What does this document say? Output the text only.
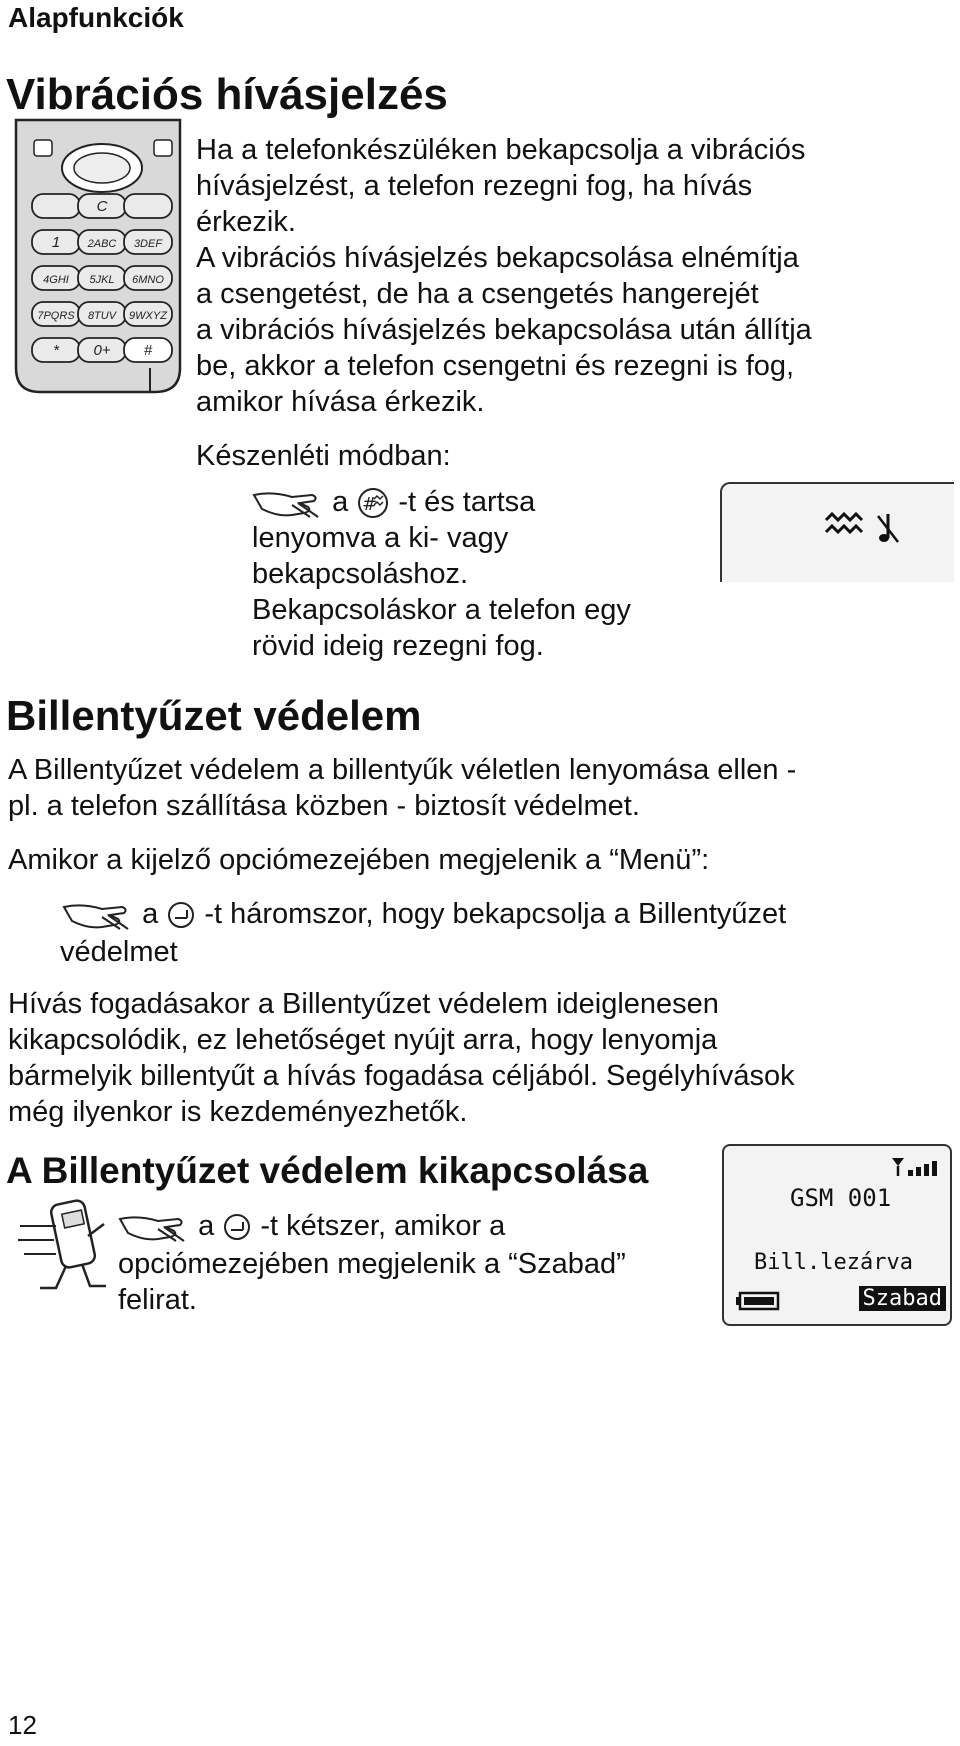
Alapfunkciók
Vibrációs hívásjelzés
C
1 2ABC 3DEF
4GHI 5JKL 6MNO
7PQRS 8TUV 9WXYZ
* 0+ #
Ha a telefonkészüléken bekapcsolja a vibrációs
hívásjelzést, a telefon rezegni fog, ha hívás
érkezik.
A vibrációs hívásjelzés bekapcsolása elnémítja
a csengetést, de ha a csengetés hangerejét
a vibrációs hívásjelzés bekapcsolása után állítja
be, akkor a telefon csengetni és rezegni is fog,
amikor hívása érkezik.
Készenléti módban:
a # -t és tartsa
lenyomva a ki- vagy
bekapcsoláshoz.
Bekapcsoláskor a telefon egy
rövid ideig rezegni fog.
Billentyűzet védelem
A Billentyűzet védelem a billentyűk véletlen lenyomása ellen -
pl. a telefon szállítása közben - biztosít védelmet.
Amikor a kijelző opciómezejében megjelenik a “Menü”:
a -t háromszor, hogy bekapcsolja a Billentyűzet
védelmet
Hívás fogadásakor a Billentyűzet védelem ideiglenesen
kikapcsolódik, ez lehetőséget nyújt arra, hogy lenyomja
bármelyik billentyűt a hívás fogadása céljából. Segélyhívások
még ilyenkor is kezdeményezhetők.
A Billentyűzet védelem kikapcsolása
a -t kétszer, amikor a
opciómezejében megjelenik a “Szabad”
felirat.
GSM 001
Bill.lezárva
Szabad
12
